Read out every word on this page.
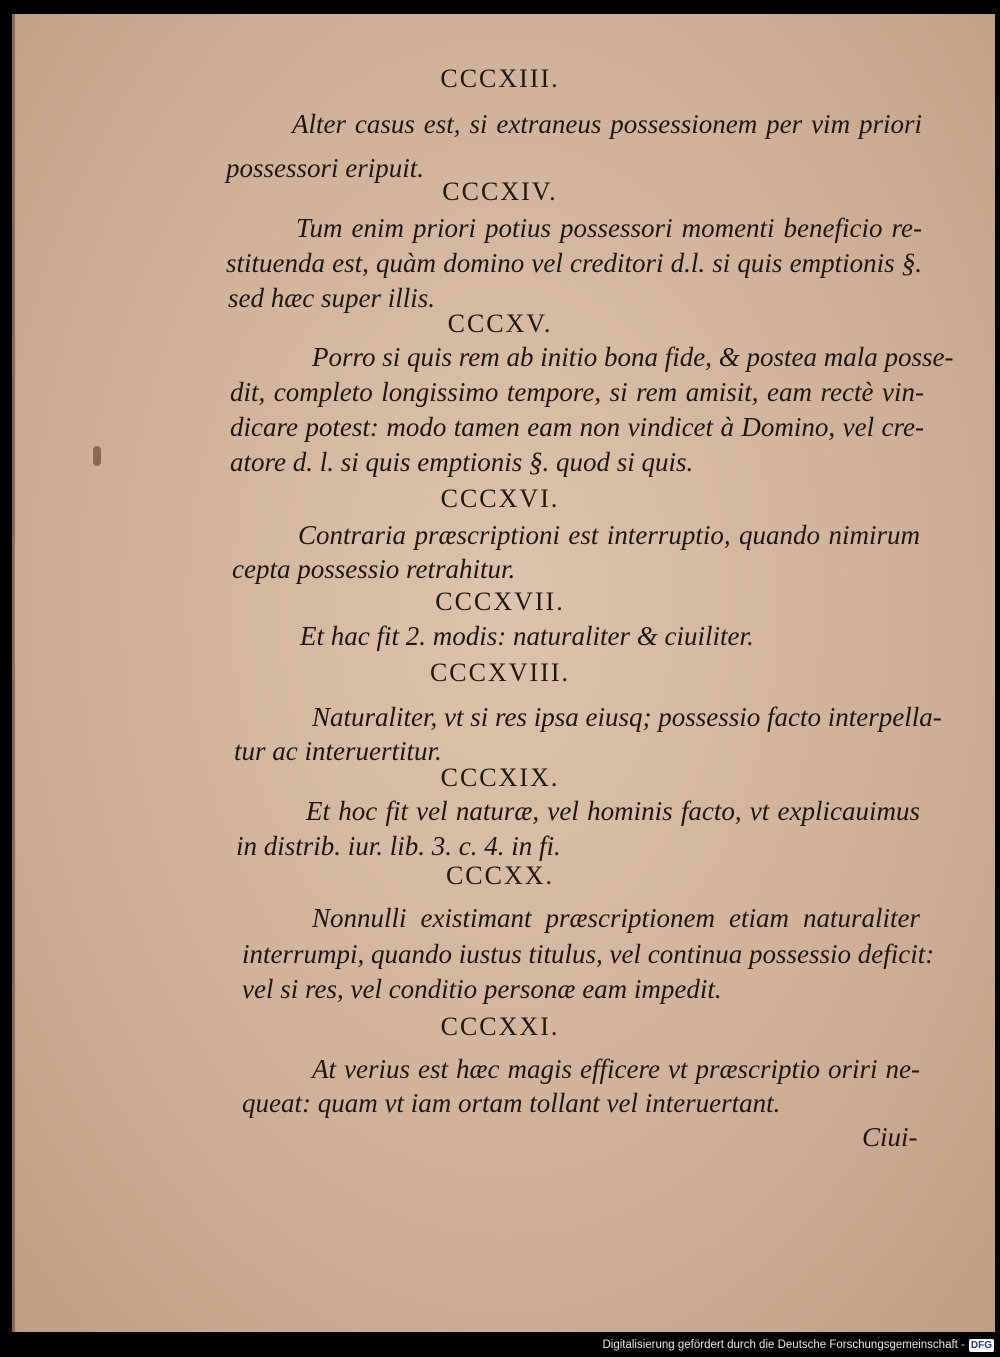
CCCXIII.
Alter casus est, si extraneus possessionem per vim priori
possessori eripuit.
CCCXIV.
Tum enim priori potius possessori momenti beneficio re-
stituenda est, quàm domino vel creditori d.l. si quis emptionis §.
sed hæc super illis.
CCCXV.
Porro si quis rem ab initio bona fide, & postea mala posse-
dit, completo longissimo tempore, si rem amisit, eam rectè vin-
dicare potest: modo tamen eam non vindicet à Domino, vel cre-
atore d. l. si quis emptionis §. quod si quis.
CCCXVI.
Contraria præscriptioni est interruptio, quando nimirum
cepta possessio retrahitur.
CCCXVII.
Et hac fit 2. modis: naturaliter & ciuiliter.
CCCXVIII.
Naturaliter, vt si res ipsa eiusq; possessio facto interpella-
tur ac interuertitur.
CCCXIX.
Et hoc fit vel naturæ, vel hominis facto, vt explicauimus
in distrib. iur. lib. 3. c. 4. in fi.
CCCXX.
Nonnulli existimant præscriptionem etiam naturaliter
interrumpi, quando iustus titulus, vel continua possessio deficit:
vel si res, vel conditio personæ eam impedit.
CCCXXI.
At verius est hæc magis efficere vt præscriptio oriri ne-
queat: quam vt iam ortam tollant vel interuertant.
Ciui-
Digitalisierung gefördert durch die Deutsche Forschungsgemeinschaft - DFG
